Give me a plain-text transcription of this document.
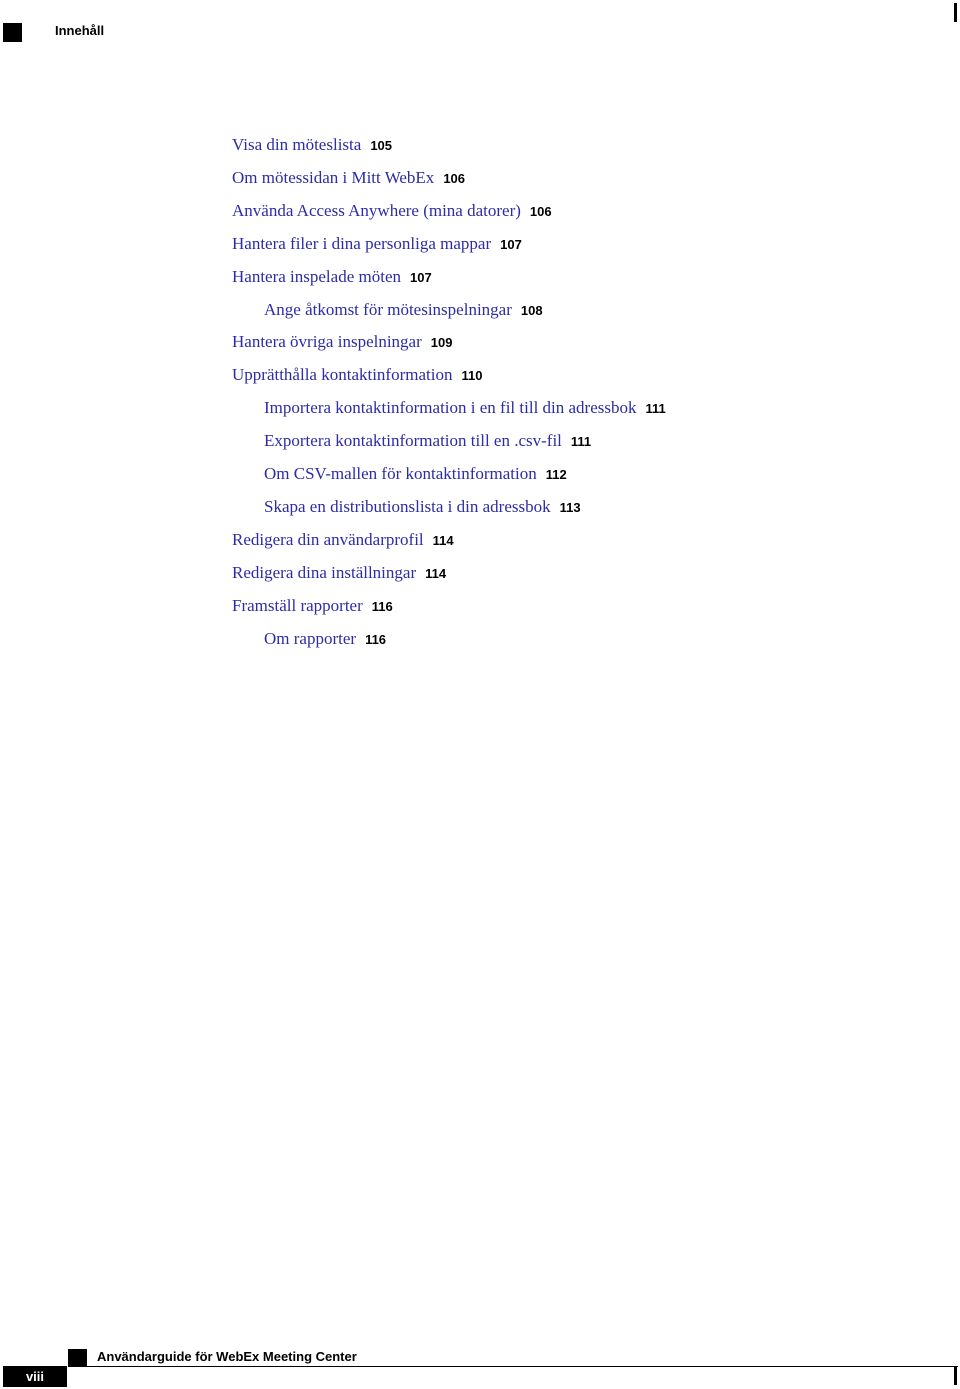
Innehåll
Visa din möteslista 105
Om mötessidan i Mitt WebEx 106
Använda Access Anywhere (mina datorer) 106
Hantera filer i dina personliga mappar 107
Hantera inspelade möten 107
Ange åtkomst för mötesinspelningar 108
Hantera övriga inspelningar 109
Upprätthålla kontaktinformation 110
Importera kontaktinformation i en fil till din adressbok 111
Exportera kontaktinformation till en .csv-fil 111
Om CSV-mallen för kontaktinformation 112
Skapa en distributionslista i din adressbok 113
Redigera din användarprofil 114
Redigera dina inställningar 114
Framställ rapporter 116
Om rapporter 116
Användarguide för WebEx Meeting Center
viii
